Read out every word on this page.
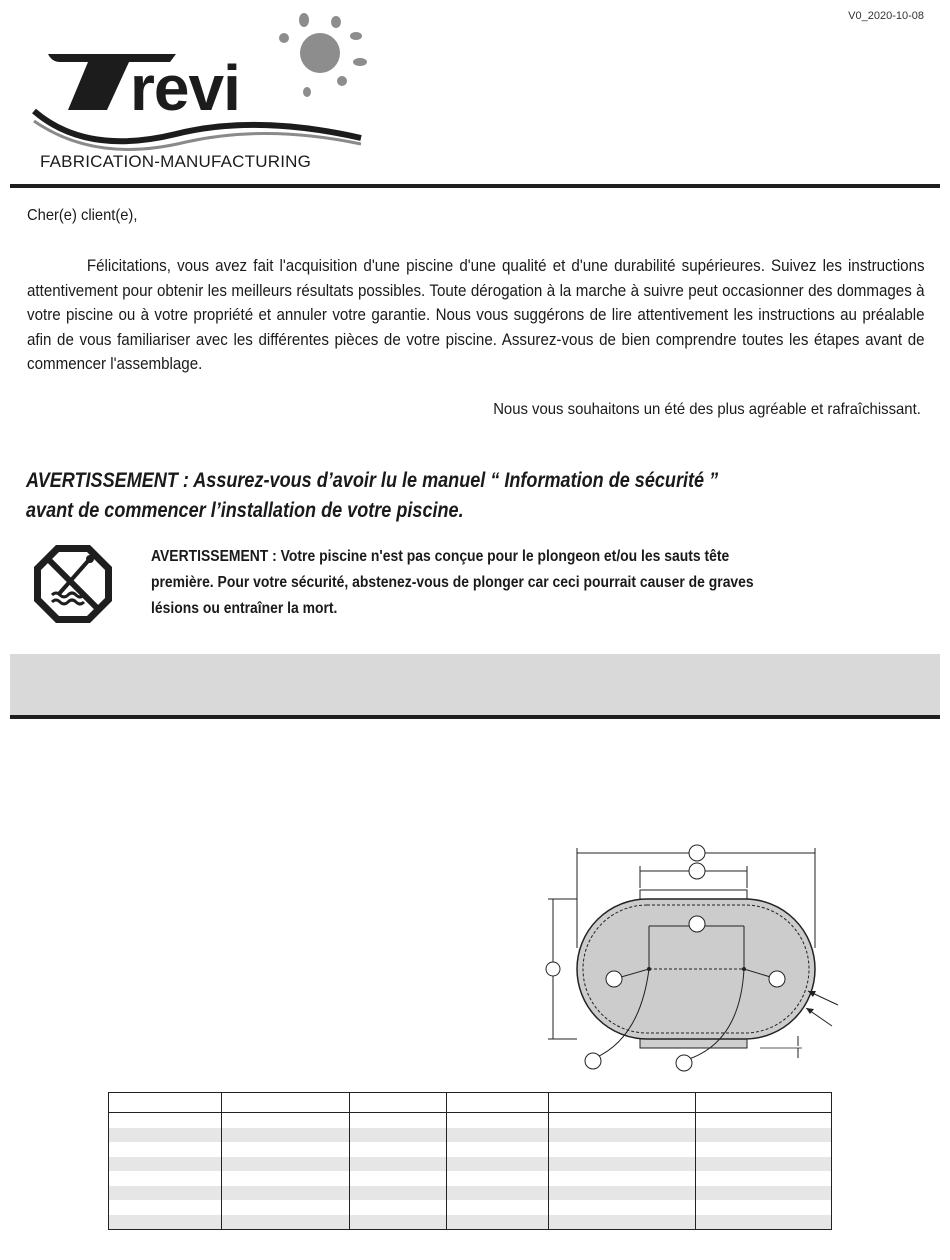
V0_2020-10-08
revi
FABRICATION-MANUFACTURING
Cher(e) client(e),

Félicitations, vous avez fait l'acquisition d'une piscine d'une qualité et d'une durabilité supérieures. Suivez les instructions attentivement pour obtenir les meilleurs résultats possibles. Toute dérogation à la marche à suivre peut occasionner des dommages à votre piscine ou à votre propriété et annuler votre garantie. Nous vous suggérons de lire attentivement les instructions au préalable afin de vous familiariser avec les différentes pièces de votre piscine. Assurez-vous de bien comprendre toutes les étapes avant de commencer l'assemblage.

Nous vous souhaitons un été des plus agréable et rafraîchissant.
AVERTISSEMENT : Assurez-vous d’avoir lu le manuel “ Information de sécurité ”
avant de commencer l’installation de votre piscine.

AVERTISSEMENT : Votre piscine n'est pas conçue pour le plongeon et/ou les sauts tête
première. Pour votre sécurité, abstenez-vous de plonger car ceci pourrait causer de graves
lésions ou entraîner la mort.
